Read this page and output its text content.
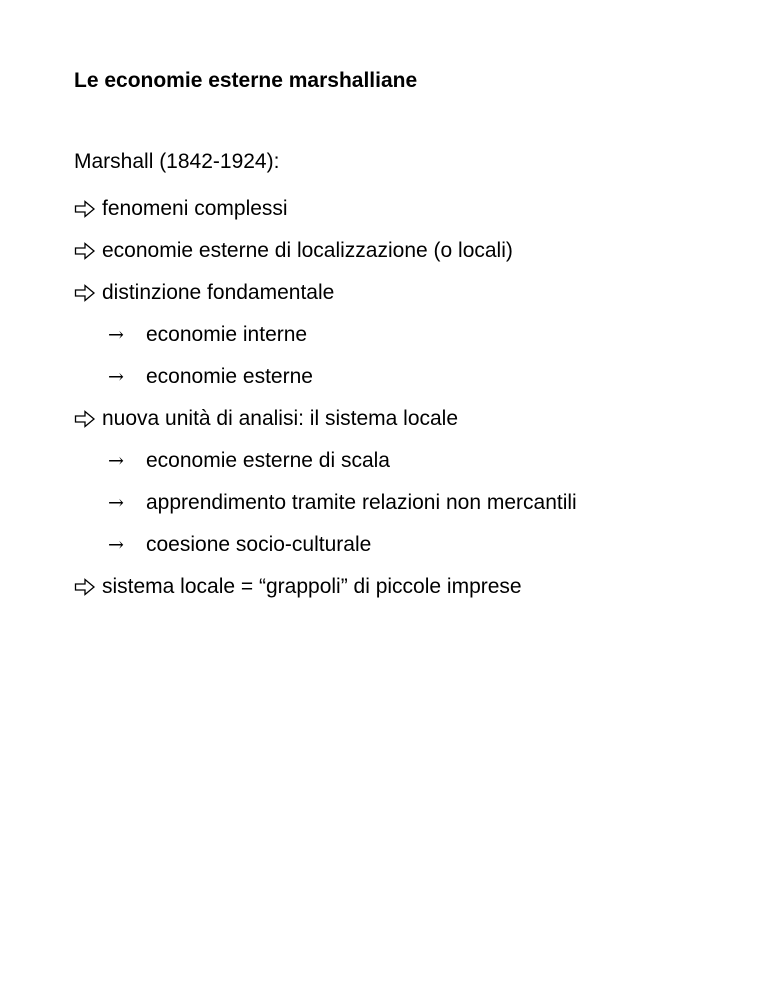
Le economie esterne marshalliane
Marshall (1842-1924):
fenomeni complessi
economie esterne di localizzazione (o locali)
distinzione fondamentale
→	economie interne
→	economie esterne
nuova unità di analisi: il sistema locale
→	economie esterne di scala
→	apprendimento tramite relazioni non mercantili
→	coesione socio-culturale
sistema locale = “grappoli” di piccole imprese
